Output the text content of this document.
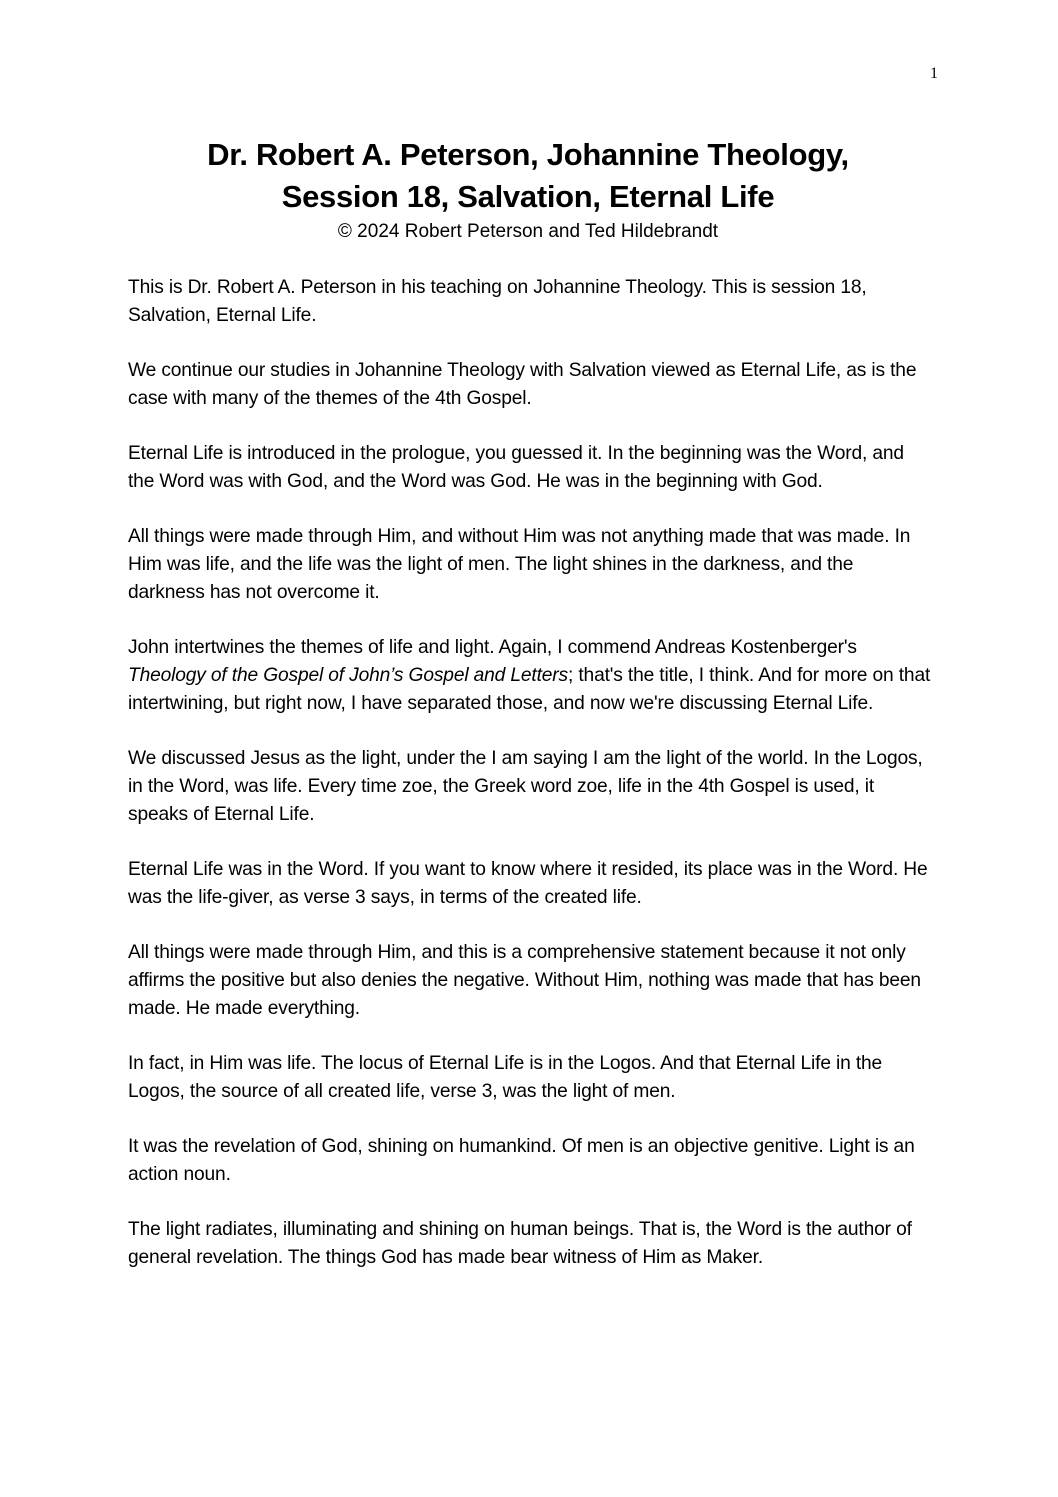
1
Dr. Robert A. Peterson, Johannine Theology,
Session 18, Salvation, Eternal Life
© 2024 Robert Peterson and Ted Hildebrandt

This is Dr. Robert A. Peterson in his teaching on Johannine Theology. This is session 18, Salvation, Eternal Life.

We continue our studies in Johannine Theology with Salvation viewed as Eternal Life, as is the case with many of the themes of the 4th Gospel.

Eternal Life is introduced in the prologue, you guessed it. In the beginning was the Word, and the Word was with God, and the Word was God. He was in the beginning with God.

All things were made through Him, and without Him was not anything made that was made. In Him was life, and the life was the light of men. The light shines in the darkness, and the darkness has not overcome it.

John intertwines the themes of life and light. Again, I commend Andreas Kostenberger's Theology of the Gospel of John’s Gospel and Letters; that's the title, I think. And for more on that intertwining, but right now, I have separated those, and now we're discussing Eternal Life.

We discussed Jesus as the light, under the I am saying I am the light of the world. In the Logos, in the Word, was life. Every time zoe, the Greek word zoe, life in the 4th Gospel is used, it speaks of Eternal Life.

Eternal Life was in the Word. If you want to know where it resided, its place was in the Word. He was the life-giver, as verse 3 says, in terms of the created life.

All things were made through Him, and this is a comprehensive statement because it not only affirms the positive but also denies the negative. Without Him, nothing was made that has been made. He made everything.

In fact, in Him was life. The locus of Eternal Life is in the Logos. And that Eternal Life in the Logos, the source of all created life, verse 3, was the light of men.

It was the revelation of God, shining on humankind. Of men is an objective genitive. Light is an action noun.

The light radiates, illuminating and shining on human beings. That is, the Word is the author of general revelation. The things God has made bear witness of Him as Maker.
